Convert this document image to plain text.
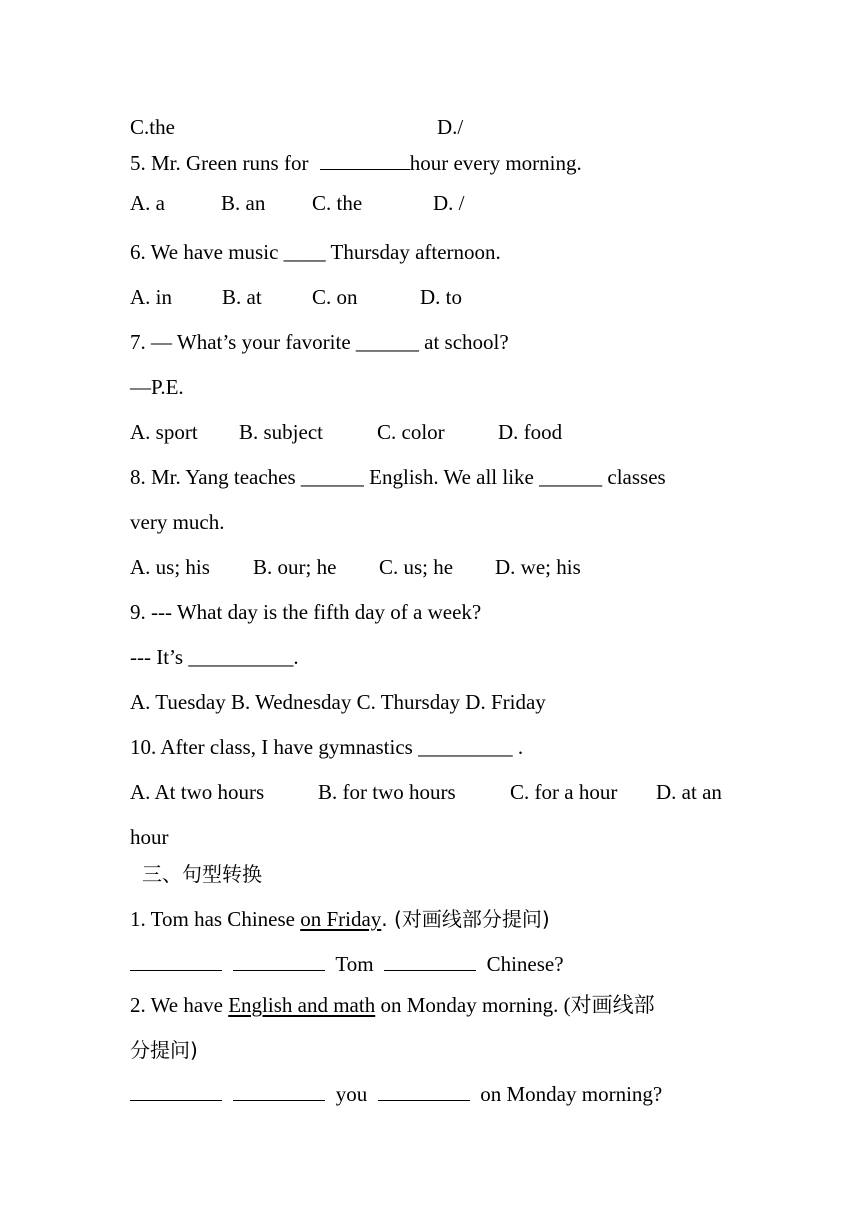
C.the	D./
5. Mr. Green runs for	hour every morning.
A. a	B. an C. the	D. /
6. We have music ____ Thursday afternoon.
A. in B. at C. on	D. to
7. — What’s your favorite ______ at school?
—P.E.
A. sport B. subject	C. color	D. food
8. Mr. Yang teaches ______ English. We all like ______ classes
very much.
A. us; his B. our; he C. us; he D. we; his
9. --- What day is the fifth day of a week?
--- It’s __________.
A. Tuesday B. Wednesday C. Thursday D. Friday
10. After class, I have gymnastics _________ .
A. At two hours	B. for two hours	C. for a hour D. at an
hour
三、句型转换
1. Tom has Chinese on Friday. (对画线部分提问)
Tom	Chinese?
2. We have English and math on Monday morning. (对画线部
分提问)
you	on Monday morning?
